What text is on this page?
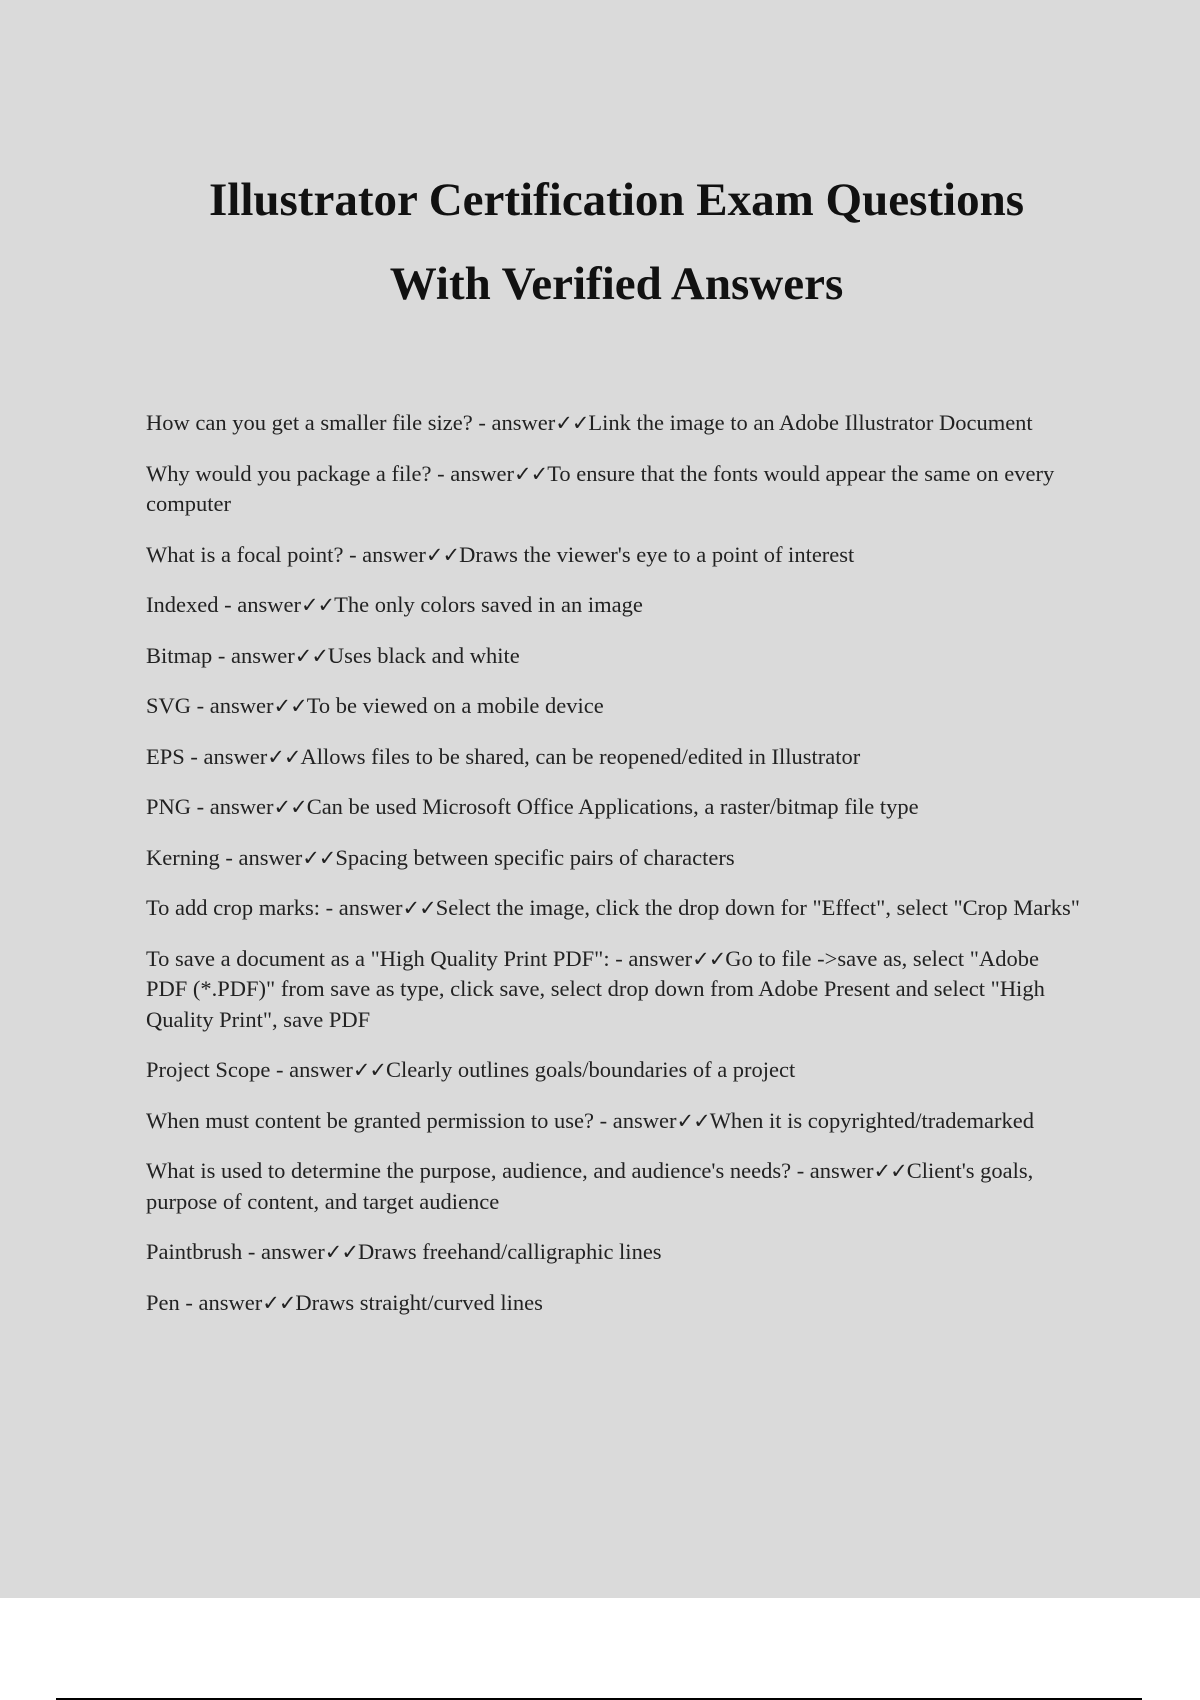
Illustrator Certification Exam Questions
With Verified Answers
How can you get a smaller file size? - answer✓✓Link the image to an Adobe Illustrator Document
Why would you package a file? - answer✓✓To ensure that the fonts would appear the same on every computer
What is a focal point? - answer✓✓Draws the viewer's eye to a point of interest
Indexed - answer✓✓The only colors saved in an image
Bitmap - answer✓✓Uses black and white
SVG - answer✓✓To be viewed on a mobile device
EPS - answer✓✓Allows files to be shared, can be reopened/edited in Illustrator
PNG - answer✓✓Can be used Microsoft Office Applications, a raster/bitmap file type
Kerning - answer✓✓Spacing between specific pairs of characters
To add crop marks: - answer✓✓Select the image, click the drop down for "Effect", select "Crop Marks"
To save a document as a "High Quality Print PDF": - answer✓✓Go to file ->save as, select "Adobe PDF (*.PDF)" from save as type, click save, select drop down from Adobe Present and select "High Quality Print", save PDF
Project Scope - answer✓✓Clearly outlines goals/boundaries of a project
When must content be granted permission to use? - answer✓✓When it is copyrighted/trademarked
What is used to determine the purpose, audience, and audience's needs? - answer✓✓Client's goals, purpose of content, and target audience
Paintbrush - answer✓✓Draws freehand/calligraphic lines
Pen - answer✓✓Draws straight/curved lines
